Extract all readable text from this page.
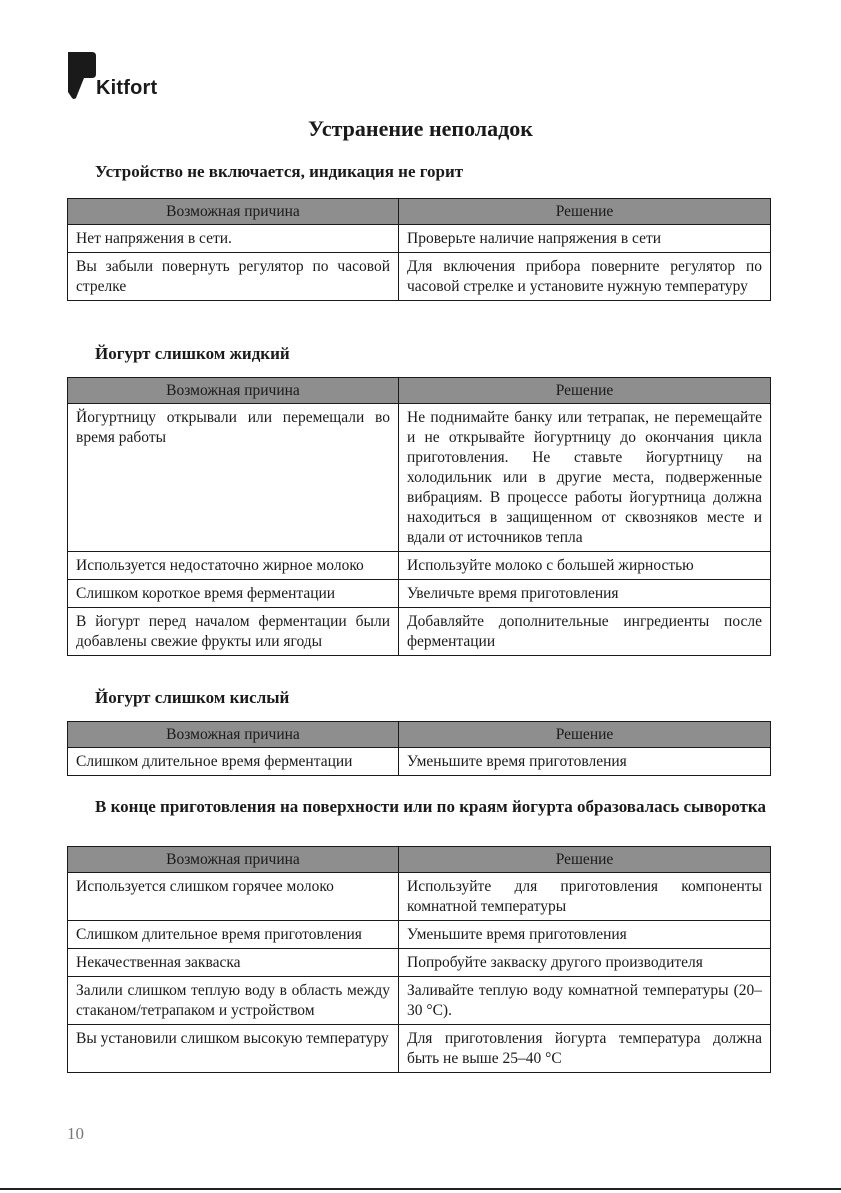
Kitfort
Устранение неполадок
Устройство не включается, индикация не горит
Возможная причина	Решение
Нет напряжения в сети.	Проверьте наличие напряжения в сети
Вы забыли повернуть регулятор по часовой стрелке	Для включения прибора поверните регулятор по часовой стрелке и установите нужную температуру
Йогурт слишком жидкий
Возможная причина	Решение
Йогуртницу открывали или перемещали во время работы	Не поднимайте банку или тетрапак, не перемещайте и не открывайте йогуртницу до окончания цикла приготовления. Не ставьте йогуртницу на холодильник или в другие места, подверженные вибрациям. В процессе работы йогуртница должна находиться в защищенном от сквозняков месте и вдали от источников тепла
Используется недостаточно жирное молоко	Используйте молоко с большей жирностью
Слишком короткое время ферментации	Увеличьте время приготовления
В йогурт перед началом ферментации были добавлены свежие фрукты или ягоды	Добавляйте дополнительные ингредиенты после ферментации
Йогурт слишком кислый
Возможная причина	Решение
Слишком длительное время ферментации	Уменьшите время приготовления
В конце приготовления на поверхности или по краям йогурта образовалась сыворотка
Возможная причина	Решение
Используется слишком горячее молоко	Используйте для приготовления компоненты комнатной температуры
Слишком длительное время приготовления	Уменьшите время приготовления
Некачественная закваска	Попробуйте закваску другого производителя
Залили слишком теплую воду в область между стаканом/тетрапаком и устройством	Заливайте теплую воду комнатной температуры (20–30 °C).
Вы установили слишком высокую температуру	Для приготовления йогурта температура должна быть не выше 25–40 °C
10
